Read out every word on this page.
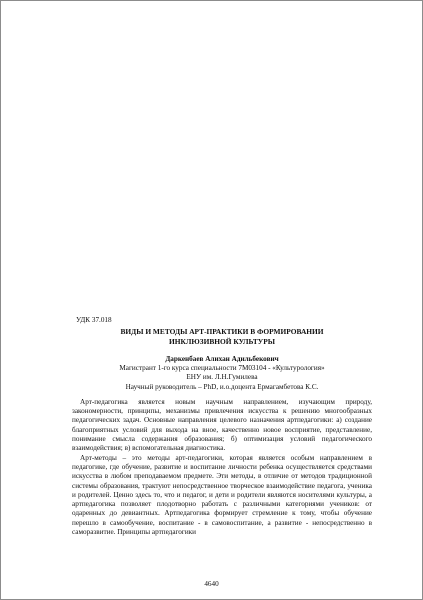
УДК 37.018
ВИДЫ И МЕТОДЫ АРТ-ПРАКТИКИ В ФОРМИРОВАНИИ
ИНКЛЮЗИВНОЙ КУЛЬТУРЫ
Даркенбаев Алихан Адильбекович
Магистрант 1-го курса специальности 7М03104 - «Культурология»
ЕНУ им. Л.Н.Гумилева
Научный руководитель – PhD, и.о.доцента Ермагамбетова К.С.
Арт-педагогика является новым научным направлением, изучающим природу, закономерности, принципы, механизмы привлечения искусства к решению многообразных педагогических задач. Основные направления целевого назначения артпедагогики: а) создание благоприятных условий для выхода на вное, качественно новое восприятие, представление, понимание смысла содержания образования; б) оптимизация условий педагогического взаимодействия; в) вспомогательная диагностика.
Арт-методы – это методы арт-педагогики, которая является особым направлением в педагогике, где обучение, развитие и воспитание личности ребенка осуществляется средствами искусства в любом преподаваемом предмете. Эти методы, в отличие от методов традиционной системы образования, трактуют непосредственное творческое взаимодействие педагога, ученика и родителей. Ценно здесь то, что и педагог, и дети и родители являются носителями культуры, а артпедагогика позволяет плодотворно работать с различными категориями учеников: от одаренных до девиантных. Артпедагогика формирует стремление к тому, чтобы обучение перешло в самообучение, воспитание - в самовоспитание, а развитие - непосредственно в саморазвитие. Принципы артпедагогики
4640
